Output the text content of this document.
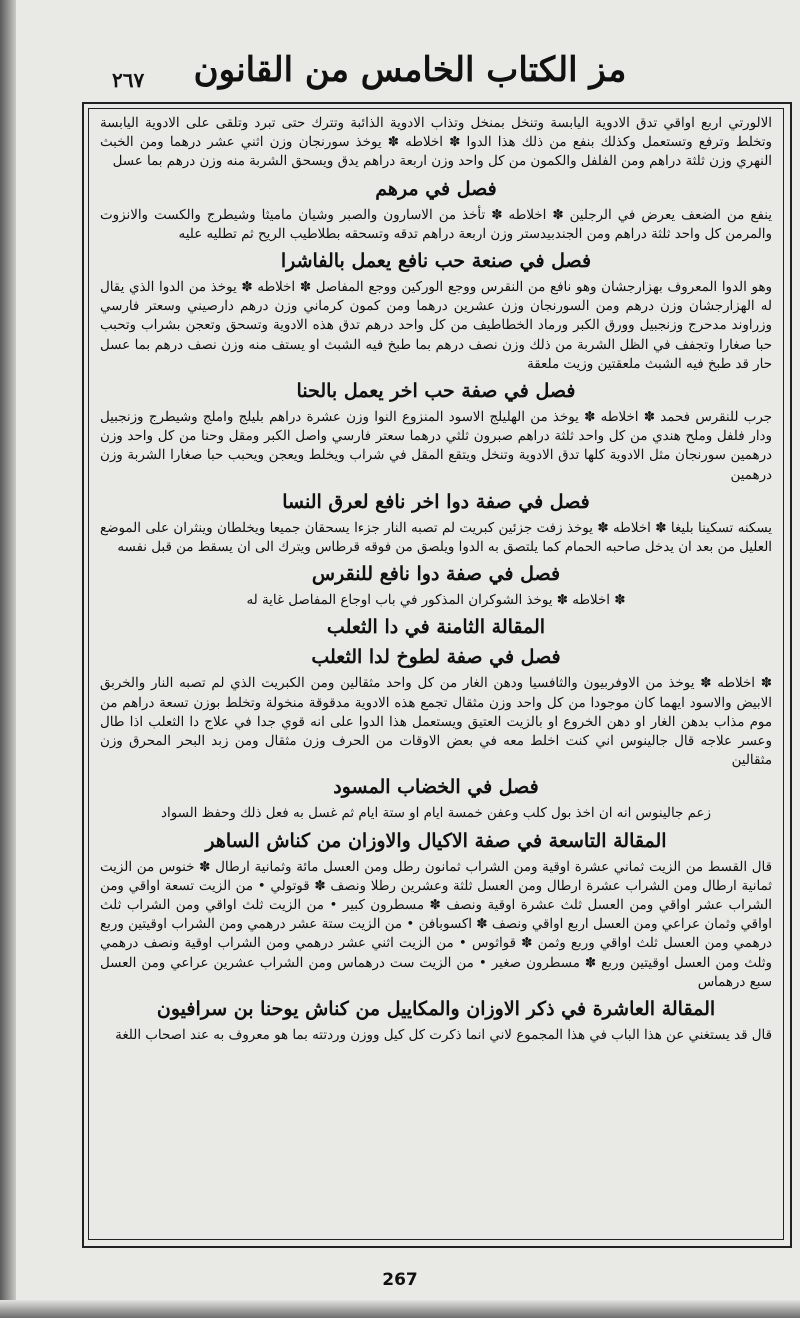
٢٦٧	مز الكتاب الخامس من القانون
الالورتي اربع اواقي تدق الادوية اليابسة وتنخل بمنخل وتذاب الادوية الذائبة وتترك حتى تبرد وتلقى على الادوية اليابسة وتخلط وترفع وتستعمل وكذلك بنفع من ذلك هذا الدوا ✽ اخلاطه ✽ يوخذ سورنجان وزن اثني عشر درهما ومن الخبث النهري وزن ثلثة دراهم ومن الفلفل والكمون من كل واحد وزن اربعة دراهم يدق ويسحق الشربة منه وزن درهم بما عسل
فصل في مرهم
ينفع من الضعف يعرض في الرجلين ✽ اخلاطه ✽ تأخذ من الاسارون والصبر وشيان ماميثا وشيطرج والكست والانزوت والمرمن كل واحد ثلثة دراهم ومن الجندبيدستر وزن اربعة دراهم تدقه وتسحقه بطلاطيب الريح ثم تطليه عليه
فصل في صنعة حب نافع يعمل بالفاشرا
وهو الدوا المعروف بهزارجشان وهو نافع من النقرس ووجع الوركين ووجع المفاصل ✽ اخلاطه ✽ يوخذ من الدوا الذي يقال له الهزارجشان وزن درهم ومن السورنجان وزن عشرين درهما ومن كمون كرماني وزن درهم دارصيني وسعتر فارسي وزراوند مدحرج وزنجبيل وورق الكبر ورماد الخطاطيف من كل واحد درهم تدق هذه الادوية وتسحق وتعجن بشراب وتحبب حبا صغارا وتجفف في الظل الشربة من ذلك وزن نصف درهم بما طبخ فيه الشبث او يستف منه وزن نصف درهم بما عسل حار قد طبخ فيه الشبث ملعقتين وزيت ملعقة
فصل في صفة حب اخر يعمل بالحنا
جرب للنقرس فحمد ✽ اخلاطه ✽ يوخذ من الهليلج الاسود المنزوع النوا وزن عشرة دراهم بليلج واملج وشيطرج وزنجبيل ودار فلفل وملح هندي من كل واحد ثلثة دراهم صبرون ثلثي درهما سعتر فارسي واصل الكبر ومقل وحنا من كل واحد وزن درهمين سورنجان مثل الادوية كلها تدق الادوية وتنخل ويتقع المقل في شراب ويخلط ويعجن ويحبب حبا صغارا الشربة وزن درهمين
فصل في صفة دوا اخر نافع لعرق النسا
يسكنه تسكينا بليغا ✽ اخلاطه ✽ يوخذ زفت جزئين كبريت لم تصبه النار جزءا يسحقان جميعا ويخلطان وينثران على الموضع العليل من بعد ان يدخل صاحبه الحمام كما يلتصق به الدوا ويلصق من فوقه قرطاس ويترك الى ان يسقط من قبل نفسه
فصل في صفة دوا نافع للنقرس
✽ اخلاطه ✽ يوخذ الشوكران المذكور في باب اوجاع المفاصل غاية له
المقالة الثامنة في دا الثعلب
فصل في صفة لطوخ لدا الثعلب
✽ اخلاطه ✽ يوخذ من الاوفربيون والثافسيا ودهن الغار من كل واحد مثقالين ومن الكبريت الذي لم تصبه النار والخربق الابيض والاسود ايهما كان موجودا من كل واحد وزن مثقال تجمع هذه الادوية مدقوقة منخولة وتخلط بوزن تسعة دراهم من موم مذاب بدهن الغار او دهن الخروع او بالزيت العتيق ويستعمل هذا الدوا على انه قوي جدا في علاج دا الثعلب اذا طال وعسر علاجه قال جالينوس اني كنت اخلط معه في بعض الاوقات من الحرف وزن مثقال ومن زبد البحر المحرق وزن مثقالين
فصل في الخضاب المسود
زعم جالينوس انه ان اخذ بول كلب وعفن خمسة ايام او ستة ايام ثم غسل به فعل ذلك وحفظ السواد
المقالة التاسعة في صفة الاكيال والاوزان من كناش الساهر
قال القسط من الزيت ثماني عشرة اوقية ومن الشراب ثمانون رطل ومن العسل مائة وثمانية ارطال ✽ خنوس من الزيت ثمانية ارطال ومن الشراب عشرة ارطال ومن العسل ثلثة وعشرين رطلا ونصف ✽ قوتولي • من الزيت تسعة اواقي ومن الشراب عشر اواقي ومن العسل ثلث عشرة اوقية ونصف ✽ مسطرون كبير • من الزيت ثلث اواقي ومن الشراب ثلث اواقي وثمان عراعي ومن العسل اربع اواقي ونصف ✽ اكسوبافن • من الزيت ستة عشر درهمي ومن الشراب اوقيتين وربع درهمي ومن العسل ثلث اواقي وربع وثمن ✽ قواثوس • من الزيت اثني عشر درهمي ومن الشراب اوقية ونصف درهمي وثلث ومن العسل اوقيتين وربع ✽ مسطرون صغير • من الزيت ست درهماس ومن الشراب عشرين عراعي ومن العسل سبع درهماس
المقالة العاشرة في ذكر الاوزان والمكاييل من كناش يوحنا بن سرافيون
قال قد يستغني عن هذا الباب في هذا المجموع لاني انما ذكرت كل كيل ووزن وردتته بما هو معروف به عند اصحاب اللغة
267
